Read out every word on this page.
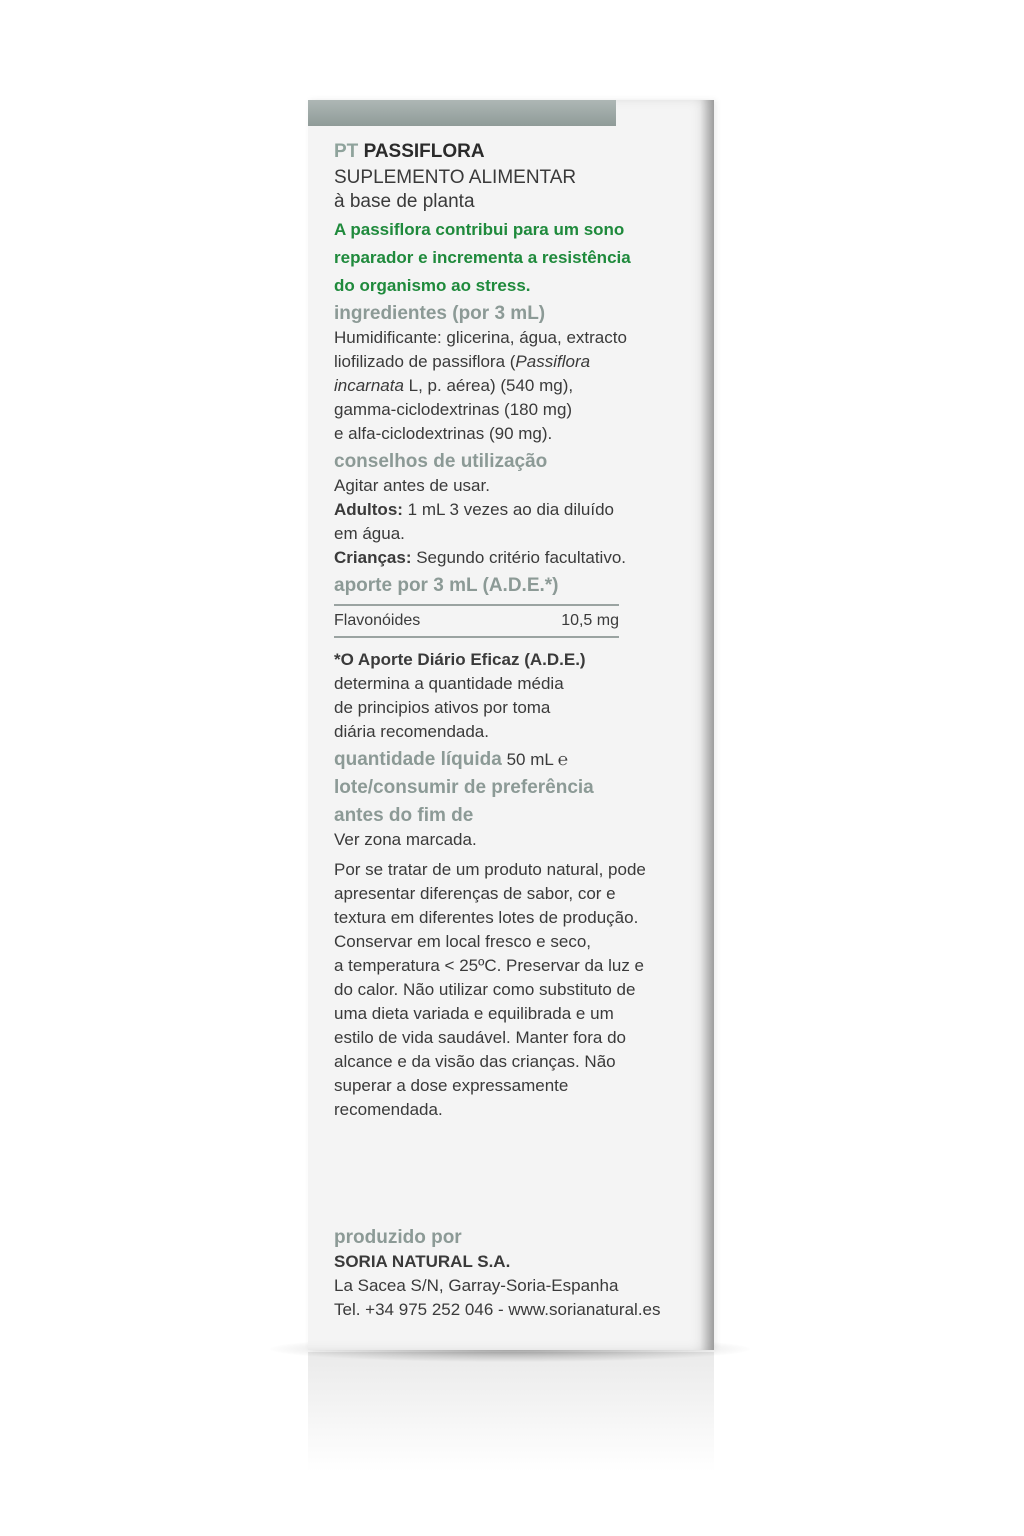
PT PASSIFLORA

SUPLEMENTO ALIMENTAR

à base de planta

A passiflora contribui para um sono

reparador e incrementa a resistência

do organismo ao stress.

ingredientes (por 3 mL)

Humidificante: glicerina, água, extracto

liofilizado de passiflora (Passiflora

incarnata L, p. aérea) (540 mg),

gamma-ciclodextrinas (180 mg)

e alfa-ciclodextrinas (90 mg).

conselhos de utilização

Agitar antes de usar.

Adultos: 1 mL 3 vezes ao dia diluído

em água.

Crianças: Segundo critério facultativo.

aporte por 3 mL (A.D.E.*)

Flavonóides	10,5 mg

*O Aporte Diário Eficaz (A.D.E.)

determina a quantidade média

de principios ativos por toma

diária recomendada.

quantidade líquida 50 mL ℮

lote/consumir de preferência

antes do fim de

Ver zona marcada.

Por se tratar de um produto natural, pode

apresentar diferenças de sabor, cor e

textura em diferentes lotes de produção.

Conservar em local fresco e seco,

a temperatura < 25ºC. Preservar da luz e

do calor. Não utilizar como substituto de

uma dieta variada e equilibrada e um

estilo de vida saudável. Manter fora do

alcance e da visão das crianças. Não

superar a dose expressamente

recomendada.

produzido por

SORIA NATURAL S.A.

La Sacea S/N, Garray-Soria-Espanha

Tel. +34 975 252 046 - www.sorianatural.es
